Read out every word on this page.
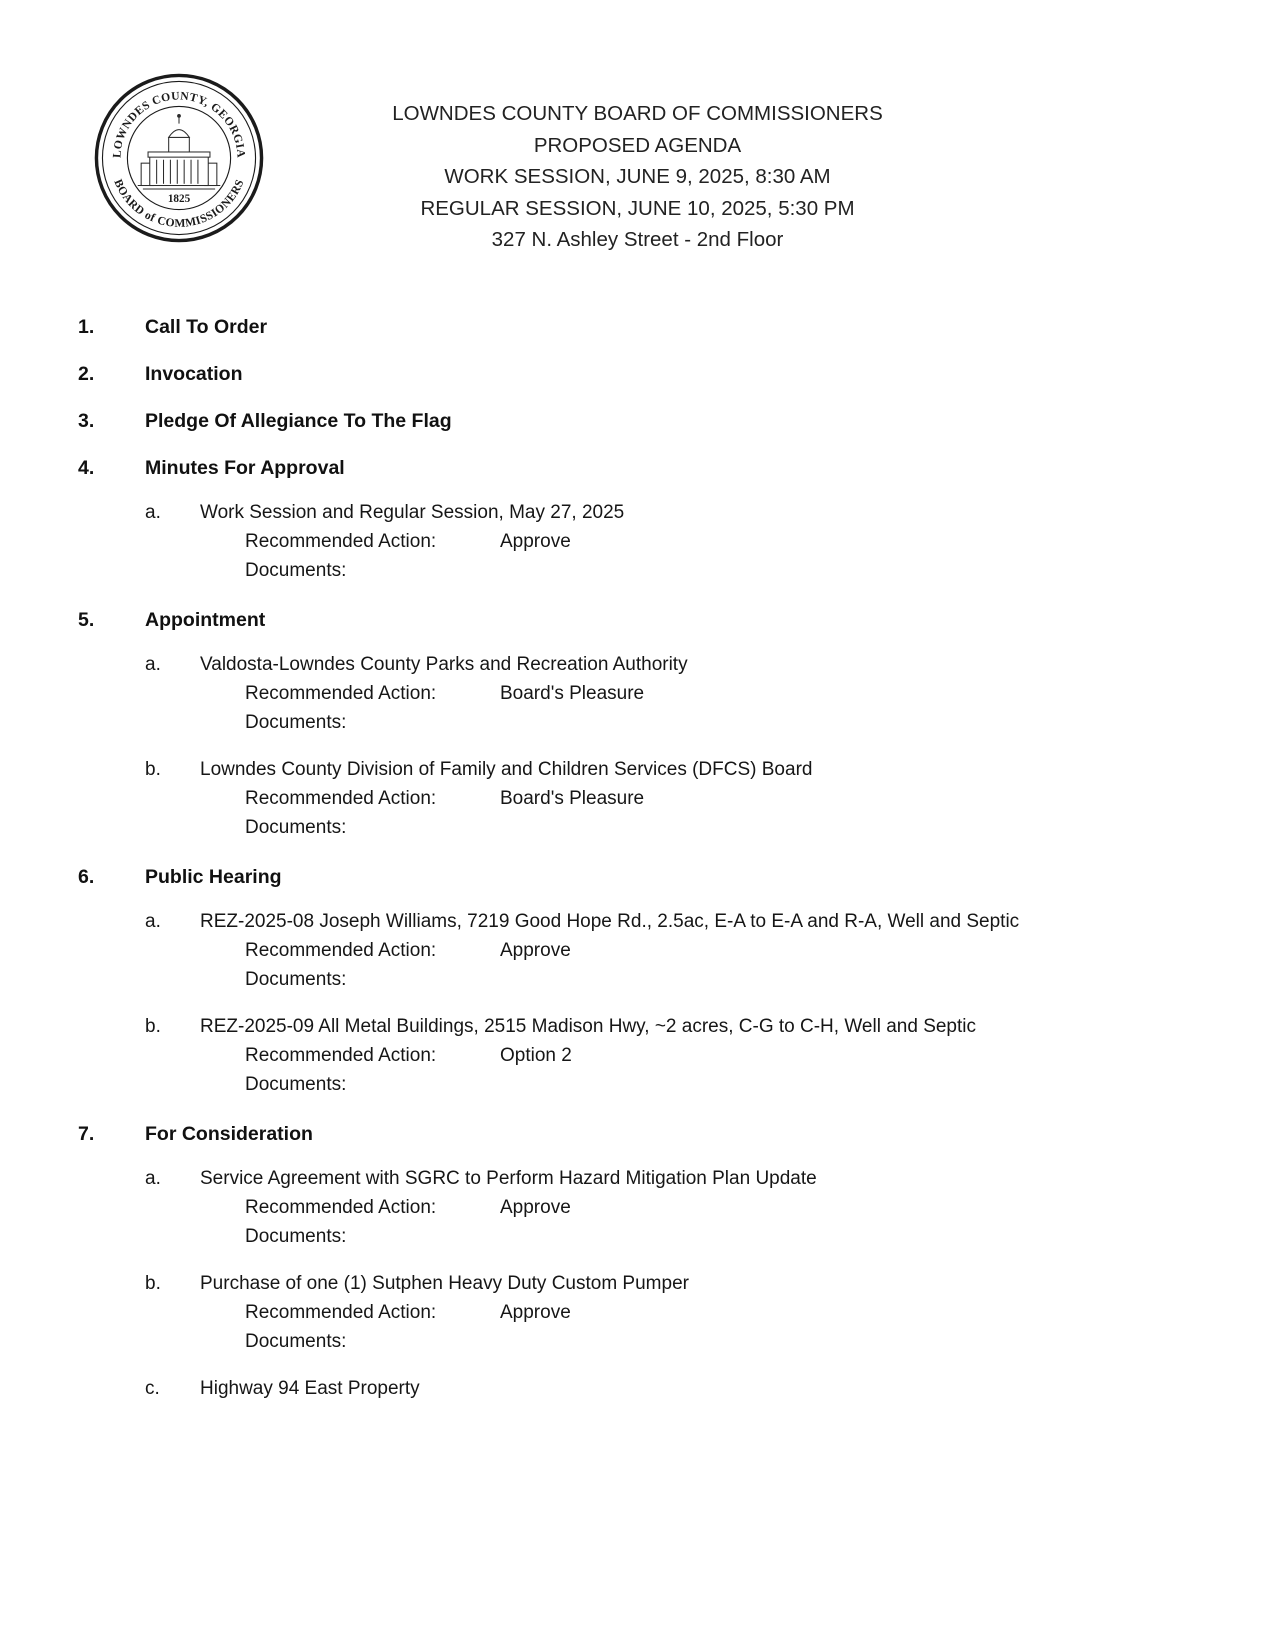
LOWNDES COUNTY, GEORGIA
BOARD of COMMISSIONERS
1825
LOWNDES COUNTY BOARD OF COMMISSIONERS
PROPOSED AGENDA
WORK SESSION, JUNE 9, 2025, 8:30 AM
REGULAR SESSION, JUNE 10, 2025, 5:30 PM
327 N. Ashley Street - 2nd Floor
1.	Call To Order
2.	Invocation
3.	Pledge Of Allegiance To The Flag
4.	Minutes For Approval
a.	Work Session and Regular Session, May 27, 2025
Recommended Action:	Approve
Documents:
5.	Appointment
a.	Valdosta-Lowndes County Parks and Recreation Authority
Recommended Action:	Board's Pleasure
Documents:
b.	Lowndes County Division of Family and Children Services (DFCS) Board
Recommended Action:	Board's Pleasure
Documents:
6.	Public Hearing
a.	REZ-2025-08 Joseph Williams, 7219 Good Hope Rd., 2.5ac, E-A to E-A and R-A, Well and Septic
Recommended Action:	Approve
Documents:
b.	REZ-2025-09 All Metal Buildings, 2515 Madison Hwy, ~2 acres, C-G to C-H, Well and Septic
Recommended Action:	Option 2
Documents:
7.	For Consideration
a.	Service Agreement with SGRC to Perform Hazard Mitigation Plan Update
Recommended Action:	Approve
Documents:
b.	Purchase of one (1) Sutphen Heavy Duty Custom Pumper
Recommended Action:	Approve
Documents:
c.	Highway 94 East Property
